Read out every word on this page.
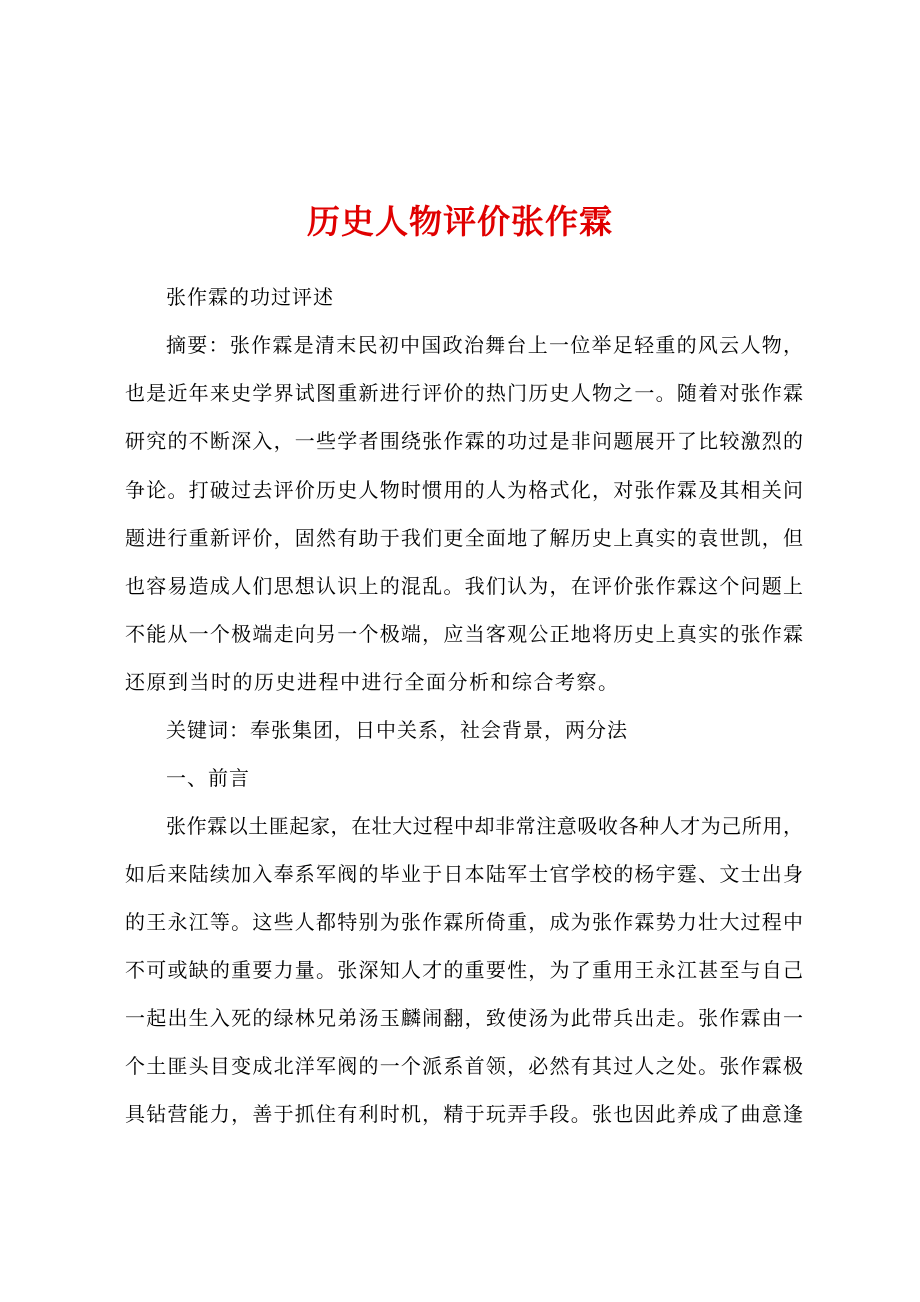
历史人物评价张作霖
张作霖的功过评述
摘要：张作霖是清末民初中国政治舞台上一位举足轻重的风云人物，
也是近年来史学界试图重新进行评价的热门历史人物之一。随着对张作霖
研究的不断深入，一些学者围绕张作霖的功过是非问题展开了比较激烈的
争论。打破过去评价历史人物时惯用的人为格式化，对张作霖及其相关问
题进行重新评价，固然有助于我们更全面地了解历史上真实的袁世凯，但
也容易造成人们思想认识上的混乱。我们认为，在评价张作霖这个问题上
不能从一个极端走向另一个极端，应当客观公正地将历史上真实的张作霖
还原到当时的历史进程中进行全面分析和综合考察。
关键词：奉张集团，日中关系，社会背景，两分法
一、前言
张作霖以土匪起家，在壮大过程中却非常注意吸收各种人才为己所用，
如后来陆续加入奉系军阀的毕业于日本陆军士官学校的杨宇霆、文士出身
的王永江等。这些人都特别为张作霖所倚重，成为张作霖势力壮大过程中
不可或缺的重要力量。张深知人才的重要性，为了重用王永江甚至与自己
一起出生入死的绿林兄弟汤玉麟闹翻，致使汤为此带兵出走。张作霖由一
个土匪头目变成北洋军阀的一个派系首领，必然有其过人之处。张作霖极
具钻营能力，善于抓住有利时机，精于玩弄手段。张也因此养成了曲意逢
